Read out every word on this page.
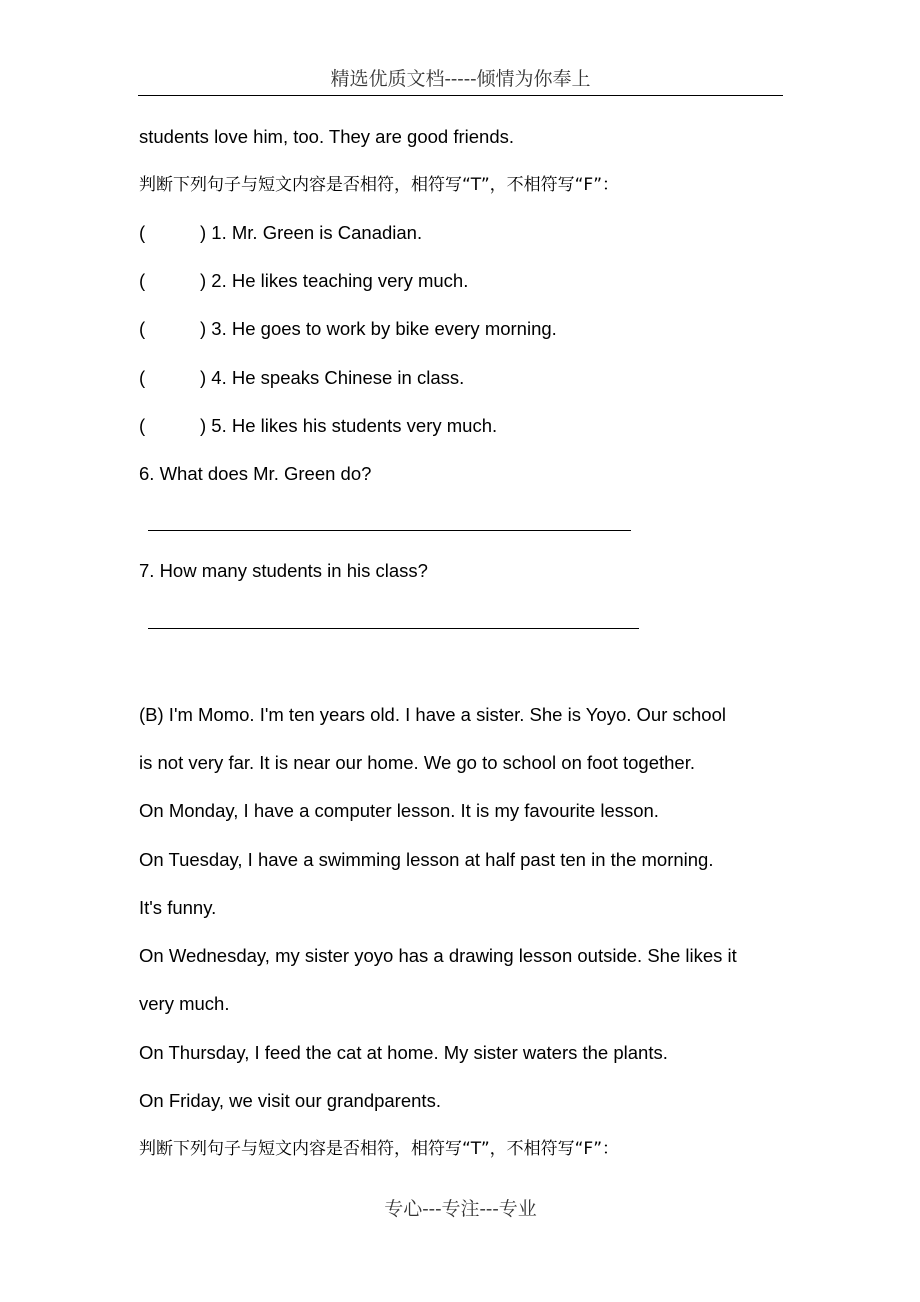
精选优质文档-----倾情为你奉上
students love him, too. They are good friends.
判断下列句子与短文内容是否相符，相符写“T”，不相符写“F”：
(	) 1. Mr. Green is Canadian.
(	) 2. He likes teaching very much.
(	) 3. He goes to work by bike every morning.
(	) 4. He speaks Chinese in class.
(	) 5. He likes his students very much.
6. What does Mr. Green do?
7. How many students in his class?
(B) I'm Momo. I'm ten years old. I have a sister. She is Yoyo. Our school
is not very far. It is near our home. We go to school on foot together.
On Monday, I have a computer lesson. It is my favourite lesson.
On Tuesday, I have a swimming lesson at half past ten in the morning.
It's funny.
On Wednesday, my sister yoyo has a drawing lesson outside. She likes it
very much.
On Thursday, I feed the cat at home. My sister waters the plants.
On Friday, we visit our grandparents.
判断下列句子与短文内容是否相符，相符写“T”，不相符写“F”：
专心---专注---专业
